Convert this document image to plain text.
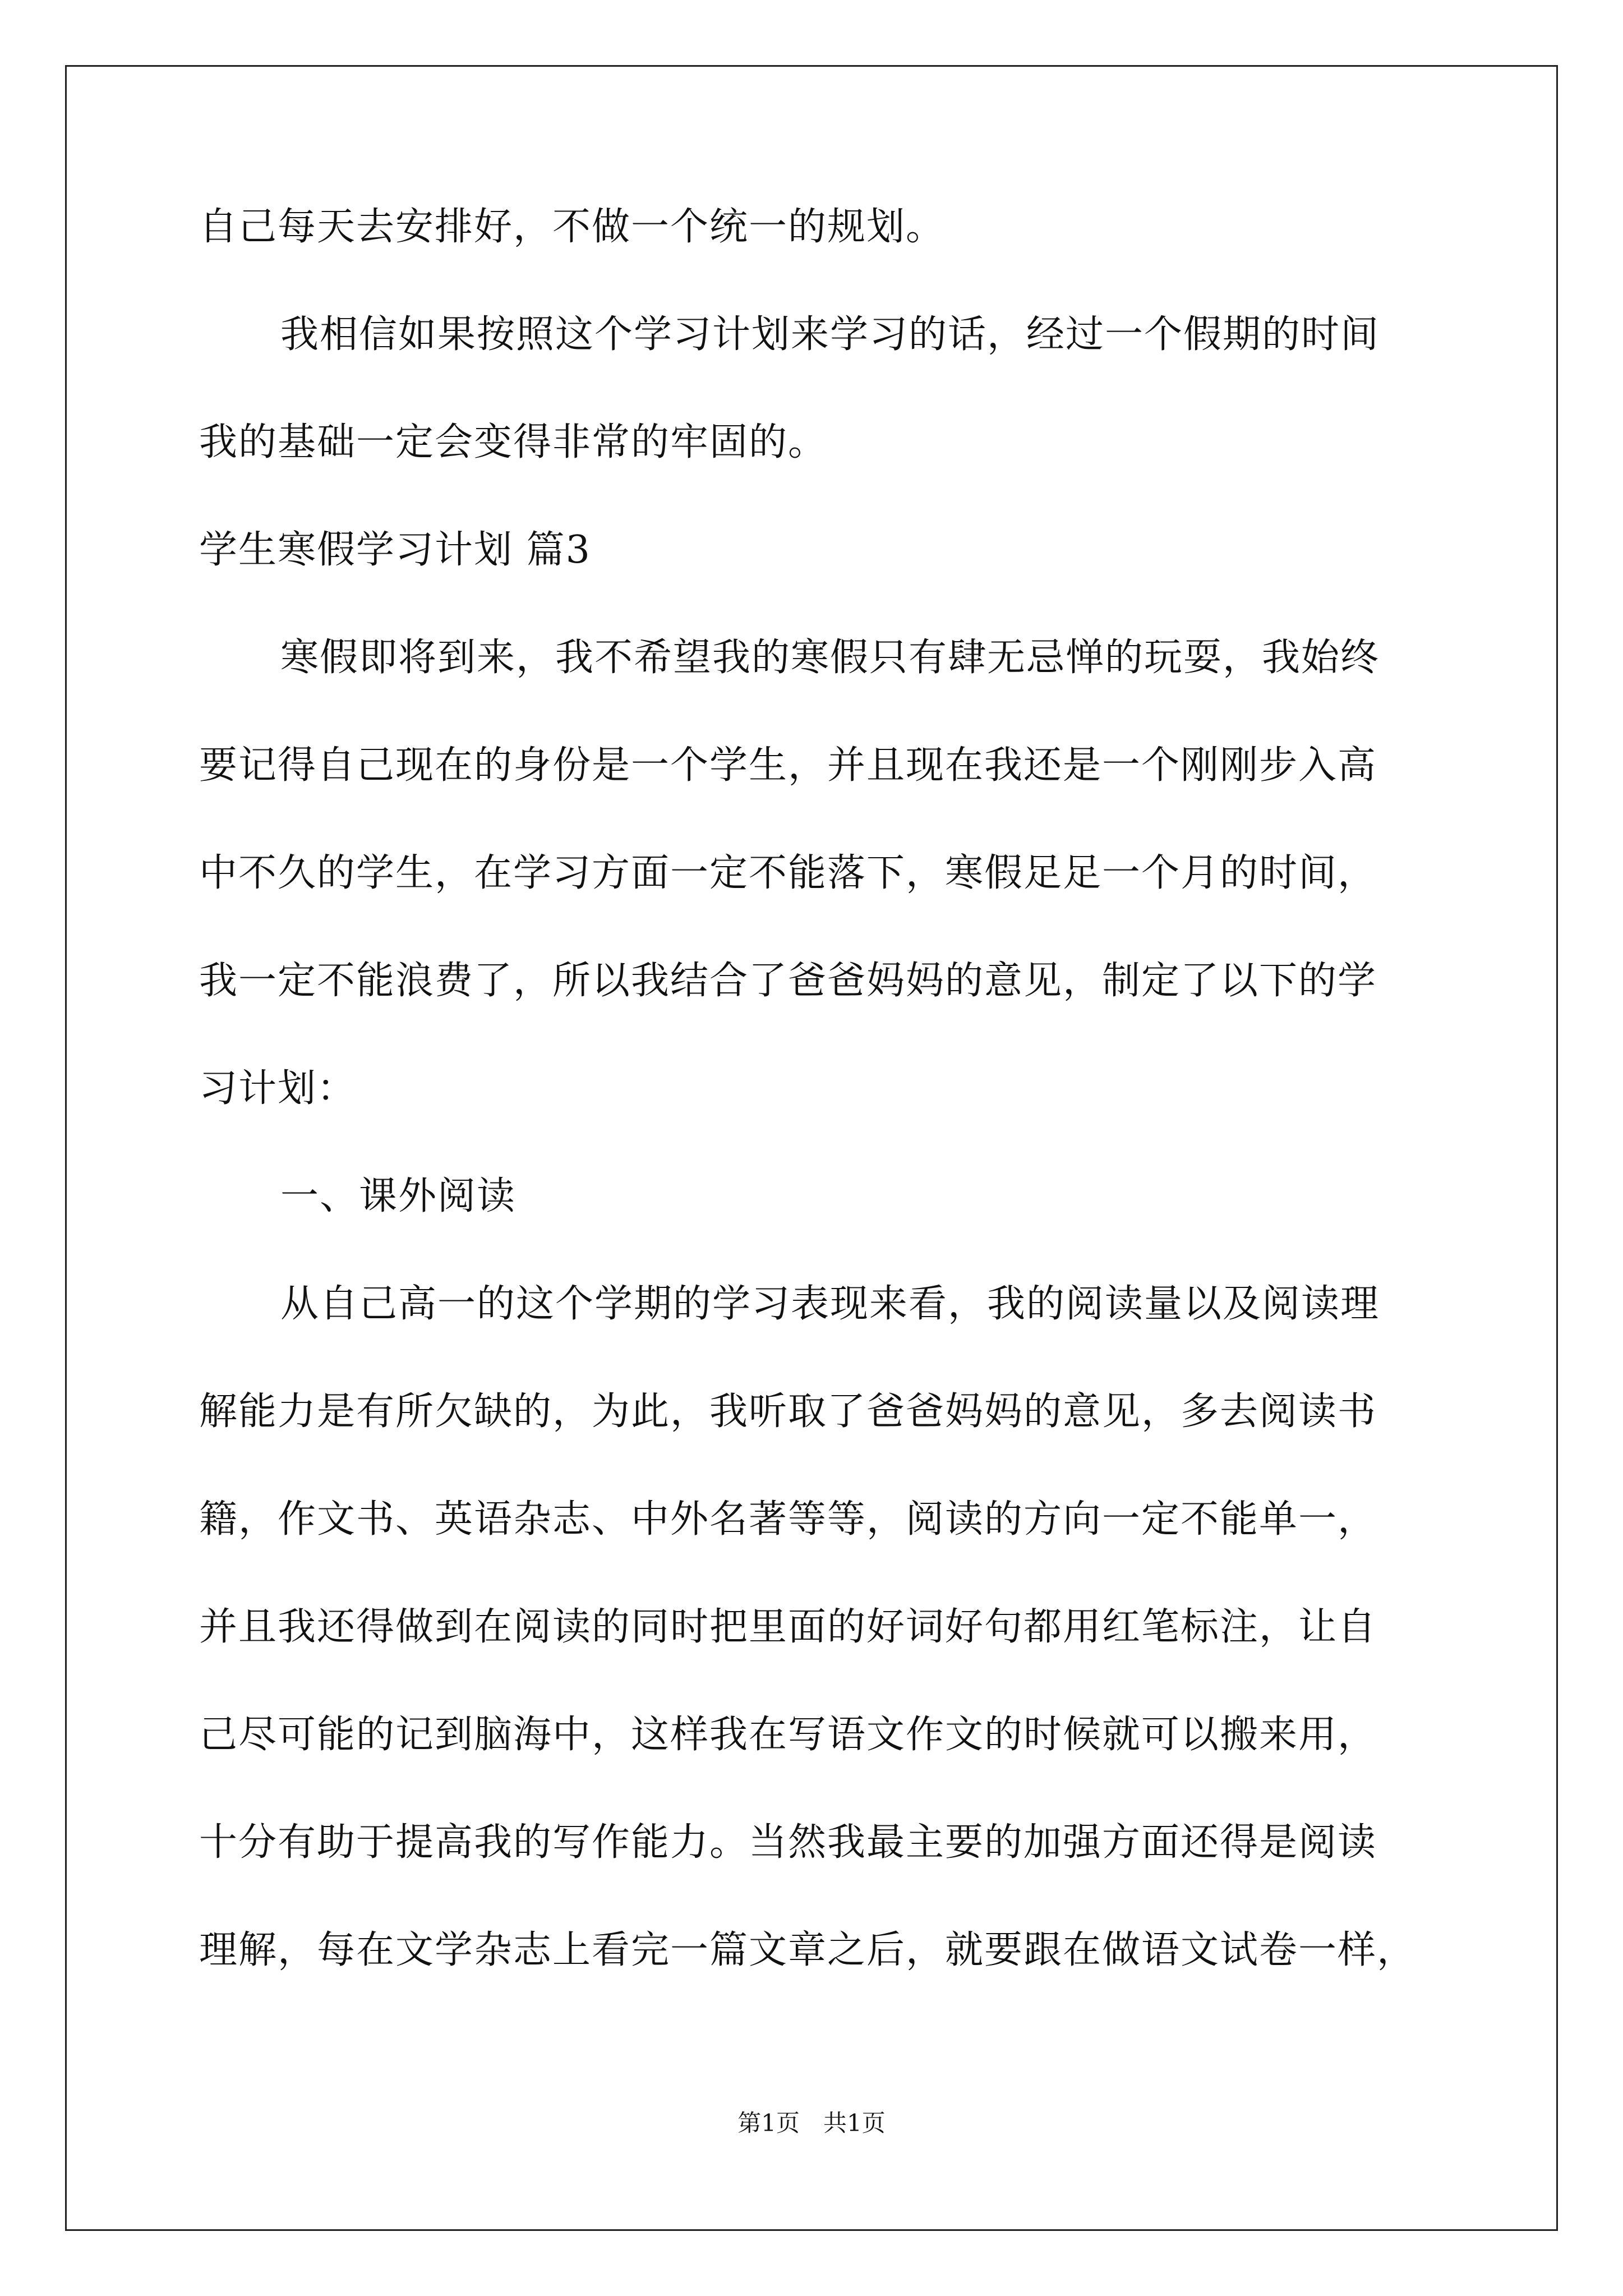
自己每天去安排好，不做一个统一的规划。
我相信如果按照这个学习计划来学习的话，经过一个假期的时间
我的基础一定会变得非常的牢固的。
学生寒假学习计划 篇3
寒假即将到来，我不希望我的寒假只有肆无忌惮的玩耍，我始终
要记得自己现在的身份是一个学生，并且现在我还是一个刚刚步入高
中不久的学生，在学习方面一定不能落下，寒假足足一个月的时间，
我一定不能浪费了，所以我结合了爸爸妈妈的意见，制定了以下的学
习计划：
一、课外阅读
从自己高一的这个学期的学习表现来看，我的阅读量以及阅读理
解能力是有所欠缺的，为此，我听取了爸爸妈妈的意见，多去阅读书
籍，作文书、英语杂志、中外名著等等，阅读的方向一定不能单一，
并且我还得做到在阅读的同时把里面的好词好句都用红笔标注，让自
己尽可能的记到脑海中，这样我在写语文作文的时候就可以搬来用，
十分有助于提高我的写作能力。当然我最主要的加强方面还得是阅读
理解，每在文学杂志上看完一篇文章之后，就要跟在做语文试卷一样，
第1页　共1页
